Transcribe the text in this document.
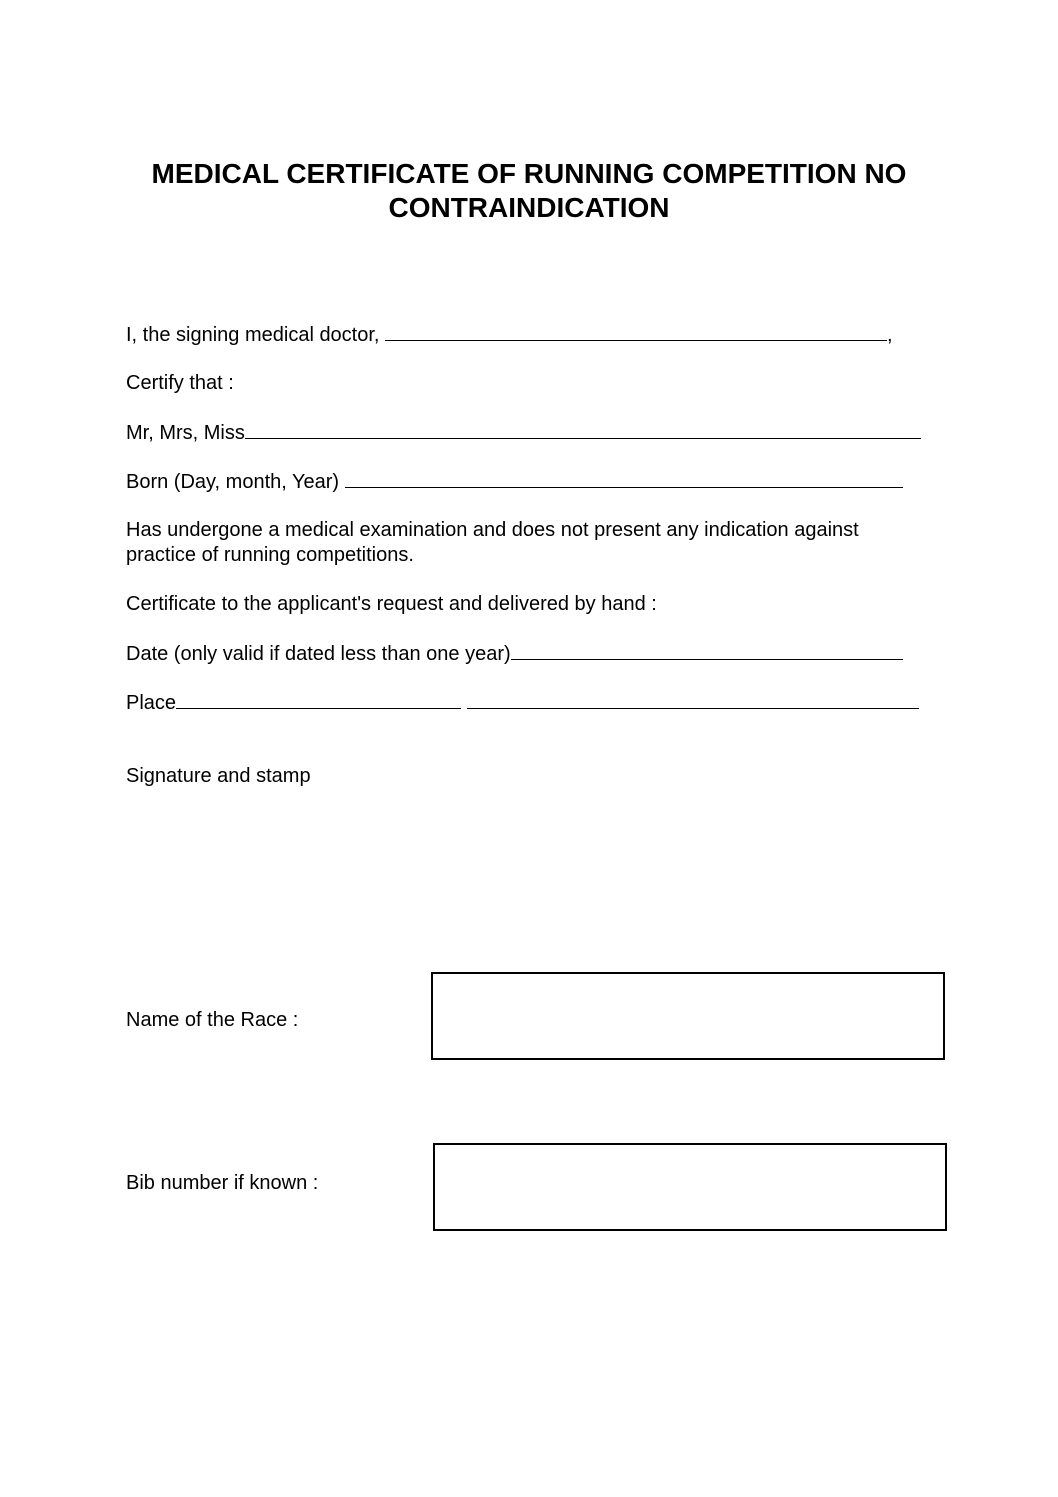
MEDICAL CERTIFICATE OF RUNNING COMPETITION NO
CONTRAINDICATION
I, the signing medical doctor,	,
Certify that :
Mr, Mrs, Miss
Born (Day, month, Year)
Has undergone a medical examination and does not present any indication against
practice of running competitions.
Certificate to the applicant's request and delivered by hand :
Date (only valid if dated less than one year)
Place
Signature and stamp
Name of the Race :
Bib number if known :
